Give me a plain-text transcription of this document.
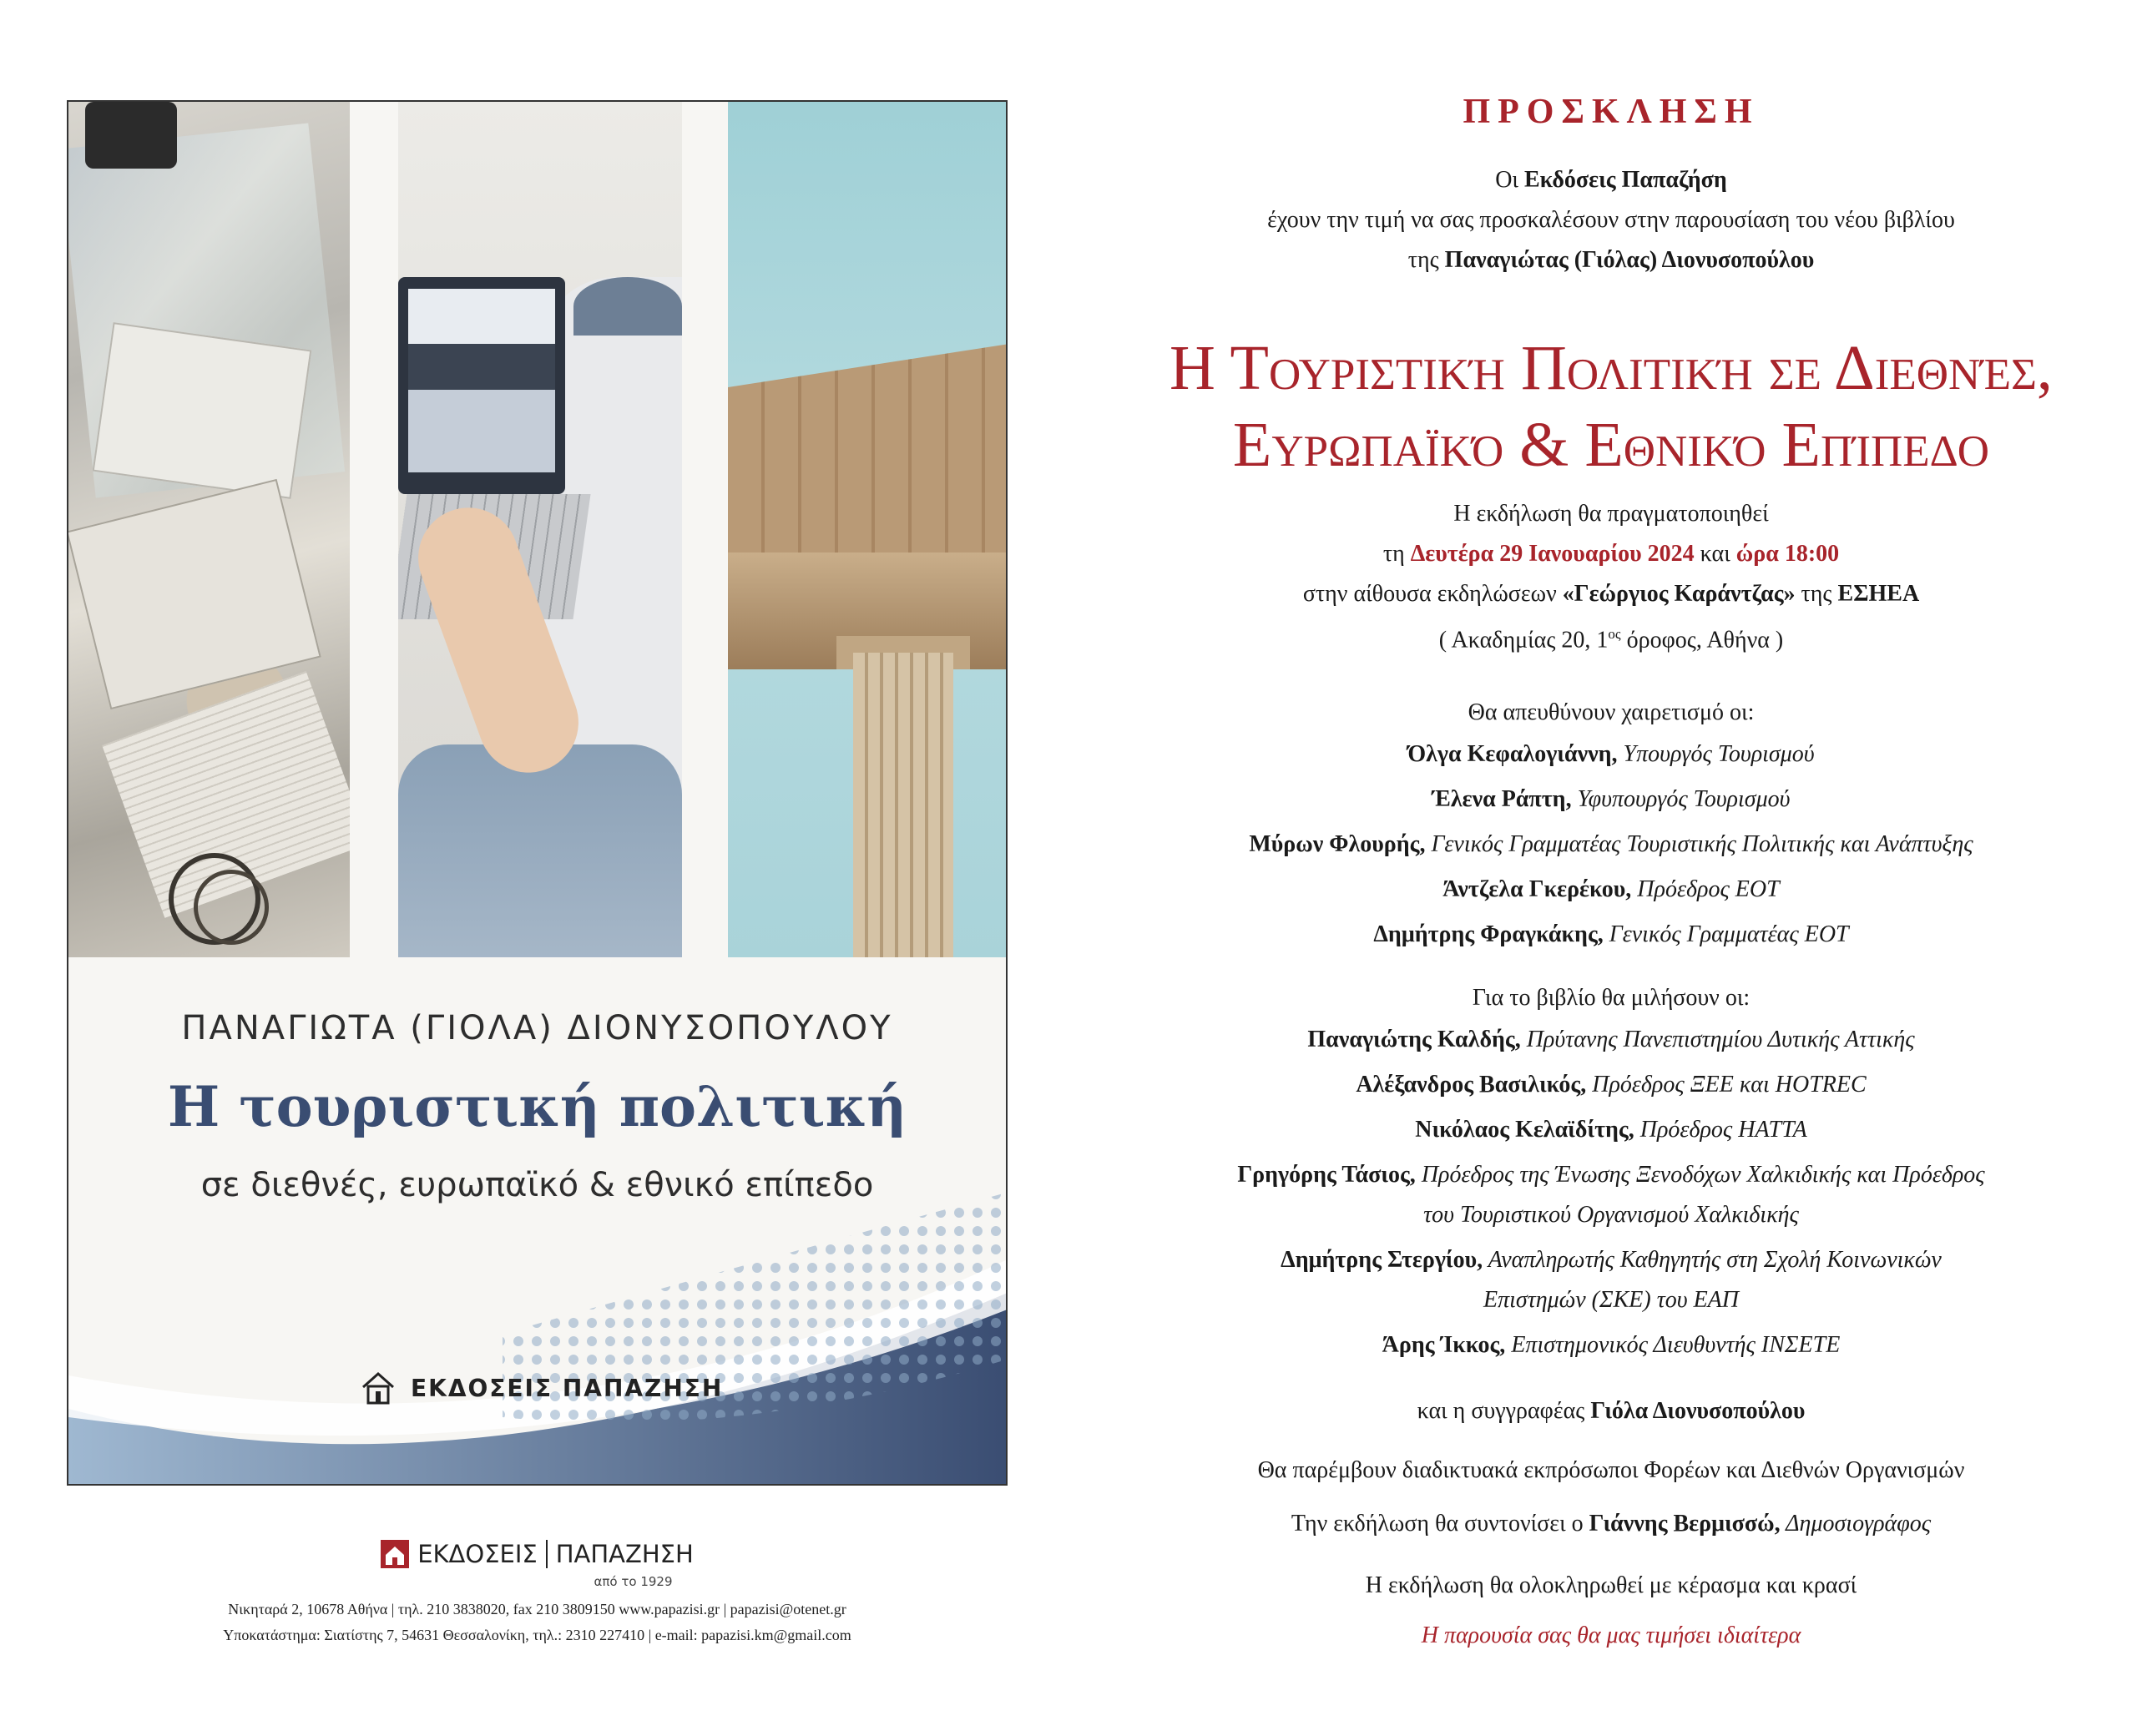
ΠΑΝΑΓΙΩΤΑ (ΓΙΟΛΑ) ΔΙΟΝΥΣΟΠΟΥΛΟΥ
Η τουριστική πολιτική
σε διεθνές, ευρωπαϊκό & εθνικό επίπεδο
ΕΚΔΟΣΕΙΣ ΠΑΠΑΖΗΣΗ
ΕΚΔΟΣΕΙΣ ΠΑΠΑΖΗΣΗ
από το 1929
Νικηταρά 2, 10678 Αθήνα | τηλ. 210 3838020, fax 210 3809150 www.papazisi.gr | papazisi@otenet.gr
Υποκατάστημα: Σιατίστης 7, 54631 Θεσσαλονίκη, τηλ.: 2310 227410 | e-mail: papazisi.km@gmail.com
ΠΡΟΣΚΛΗΣΗ
Οι Εκδόσεις Παπαζήση
έχουν την τιμή να σας προσκαλέσουν στην παρουσίαση του νέου βιβλίου
της Παναγιώτας (Γιόλας) Διονυσοπούλου
Η Τουριστική Πολιτική σε Διεθνές,
Ευρωπαϊκό & Εθνικό Επίπεδο
Η εκδήλωση θα πραγματοποιηθεί
τη Δευτέρα 29 Ιανουαρίου 2024 και ώρα 18:00
στην αίθουσα εκδηλώσεων «Γεώργιος Καράντζας» της ΕΣΗΕΑ
( Ακαδημίας 20, $1^{o\varsigma}$ όροφος, Αθήνα )
Θα απευθύνουν χαιρετισμό οι:
Όλγα Κεφαλογιάννη, Υπουργός Τουρισμού
Έλενα Ράπτη, Υφυπουργός Τουρισμού
Μύρων Φλουρής, Γενικός Γραμματέας Τουριστικής Πολιτικής και Ανάπτυξης
Άντζελα Γκερέκου, Πρόεδρος ΕΟΤ
Δημήτρης Φραγκάκης, Γενικός Γραμματέας ΕΟΤ
Για το βιβλίο θα μιλήσουν οι:
Παναγιώτης Καλδής, Πρύτανης Πανεπιστημίου Δυτικής Αττικής
Αλέξανδρος Βασιλικός, Πρόεδρος ΞΕΕ και HOTREC
Νικόλαος Κελαϊδίτης, Πρόεδρος HATTA
Γρηγόρης Τάσιος, Πρόεδρος της Ένωσης Ξενοδόχων Χαλκιδικής και Πρόεδρος
του Τουριστικού Οργανισμού Χαλκιδικής
Δημήτρης Στεργίου, Αναπληρωτής Καθηγητής στη Σχολή Κοινωνικών
Επιστημών (ΣΚΕ) του ΕΑΠ
Άρης Ίκκος, Επιστημονικός Διευθυντής ΙΝΣΕΤΕ
και η συγγραφέας Γιόλα Διονυσοπούλου
Θα παρέμβουν διαδικτυακά εκπρόσωποι Φορέων και Διεθνών Οργανισμών
Την εκδήλωση θα συντονίσει ο Γιάννης Βερμισσώ, Δημοσιογράφος
Η εκδήλωση θα ολοκληρωθεί με κέρασμα και κρασί
Η παρουσία σας θα μας τιμήσει ιδιαίτερα
